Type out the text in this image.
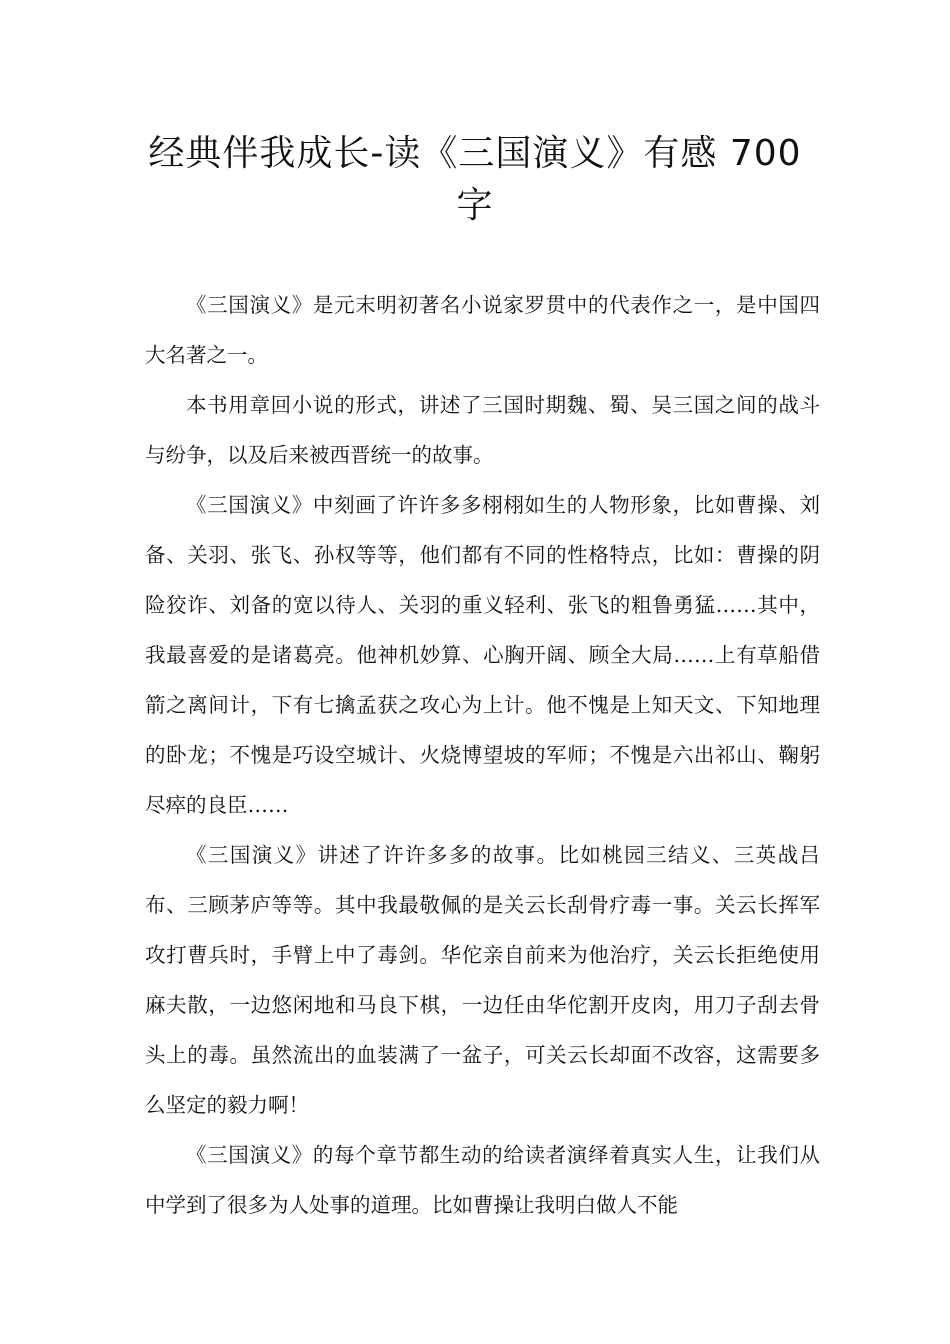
经典伴我成长-读《三国演义》有感 700 字

《三国演义》是元末明初著名小说家罗贯中的代表作之一，是中国四大名著之一。

本书用章回小说的形式，讲述了三国时期魏、蜀、吴三国之间的战斗与纷争，以及后来被西晋统一的故事。

《三国演义》中刻画了许许多多栩栩如生的人物形象，比如曹操、刘备、关羽、张飞、孙权等等，他们都有不同的性格特点，比如：曹操的阴险狡诈、刘备的宽以待人、关羽的重义轻利、张飞的粗鲁勇猛……其中，我最喜爱的是诸葛亮。他神机妙算、心胸开阔、顾全大局……上有草船借箭之离间计，下有七擒孟获之攻心为上计。他不愧是上知天文、下知地理的卧龙；不愧是巧设空城计、火烧博望坡的军师；不愧是六出祁山、鞠躬尽瘁的良臣……

《三国演义》讲述了许许多多的故事。比如桃园三结义、三英战吕布、三顾茅庐等等。其中我最敬佩的是关云长刮骨疗毒一事。关云长挥军攻打曹兵时，手臂上中了毒剑。华佗亲自前来为他治疗，关云长拒绝使用麻夫散，一边悠闲地和马良下棋，一边任由华佗割开皮肉，用刀子刮去骨头上的毒。虽然流出的血装满了一盆子，可关云长却面不改容，这需要多么坚定的毅力啊！

《三国演义》的每个章节都生动的给读者演绎着真实人生，让我们从中学到了很多为人处事的道理。比如曹操让我明白做人不能
